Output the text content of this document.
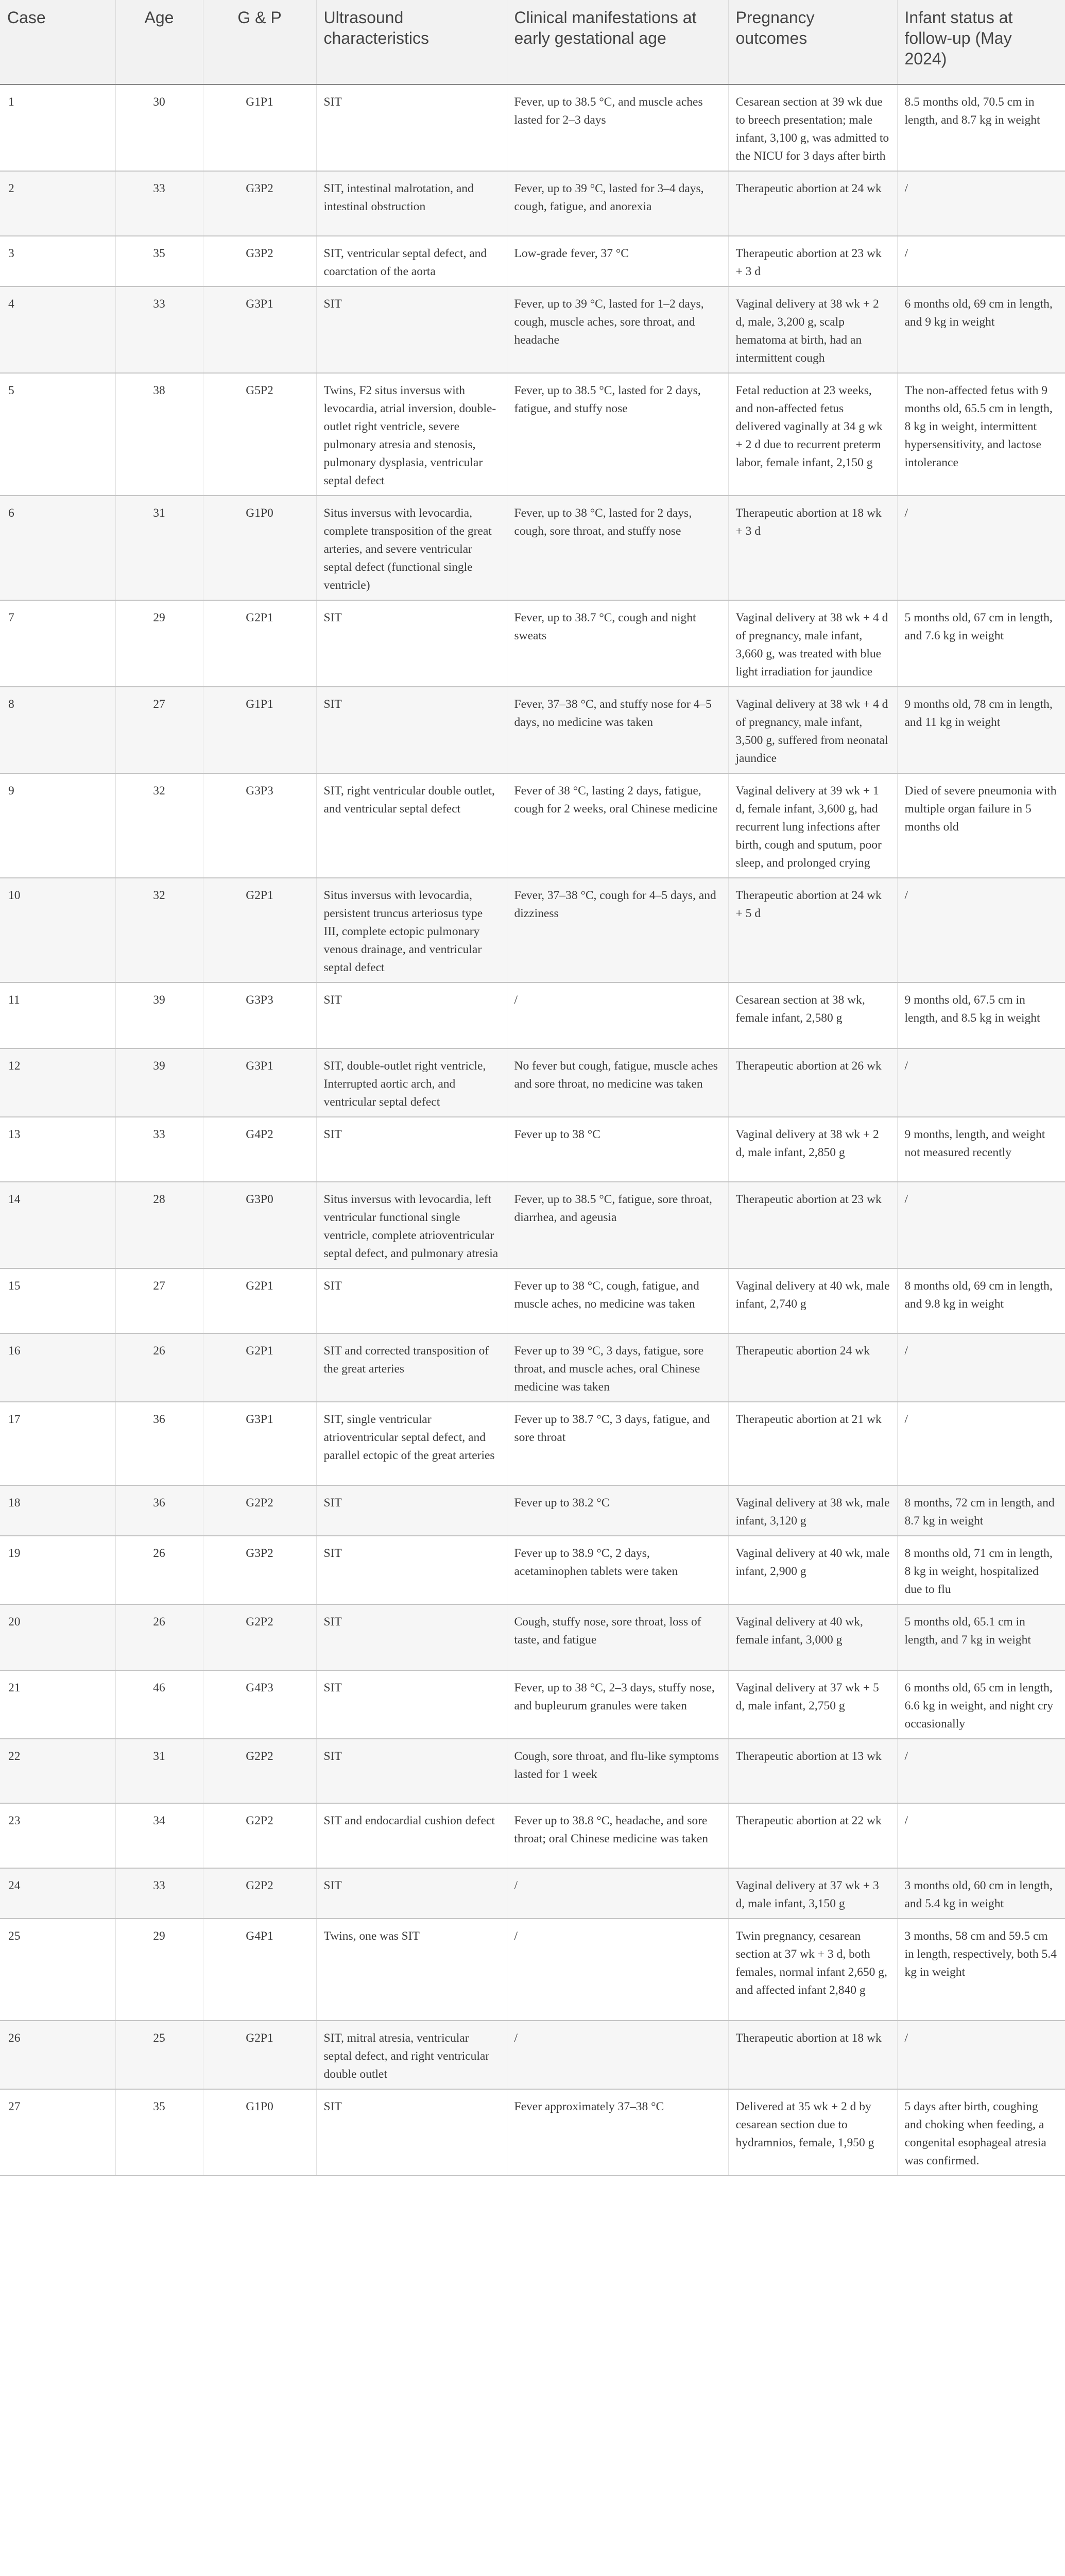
Case	Age	G & P	Ultrasound characteristics	Clinical manifestations at early gestational age	Pregnancy outcomes	Infant status at follow-up (May 2024)
1	30	G1P1	SIT	Fever, up to 38.5 °C, and muscle aches lasted for 2–3 days	Cesarean section at 39 wk due to breech presentation; male infant, 3,100 g, was admitted to the NICU for 3 days after birth	8.5 months old, 70.5 cm in length, and 8.7 kg in weight
2	33	G3P2	SIT, intestinal malrotation, and intestinal obstruction	Fever, up to 39 °C, lasted for 3–4 days, cough, fatigue, and anorexia	Therapeutic abortion at 24 wk	/
3	35	G3P2	SIT, ventricular septal defect, and coarctation of the aorta	Low-grade fever, 37 °C	Therapeutic abortion at 23 wk + 3 d	/
4	33	G3P1	SIT	Fever, up to 39 °C, lasted for 1–2 days, cough, muscle aches, sore throat, and headache	Vaginal delivery at 38 wk + 2 d, male, 3,200 g, scalp hematoma at birth, had an intermittent cough	6 months old, 69 cm in length, and 9 kg in weight
5	38	G5P2	Twins, F2 situs inversus with levocardia, atrial inversion, double-outlet right ventricle, severe pulmonary atresia and stenosis, pulmonary dysplasia, ventricular septal defect	Fever, up to 38.5 °C, lasted for 2 days, fatigue, and stuffy nose	Fetal reduction at 23 weeks, and non-affected fetus delivered vaginally at 34 g wk + 2 d due to recurrent preterm labor, female infant, 2,150 g	The non-affected fetus with 9 months old, 65.5 cm in length, 8 kg in weight, intermittent hypersensitivity, and lactose intolerance
6	31	G1P0	Situs inversus with levocardia, complete transposition of the great arteries, and severe ventricular septal defect (functional single ventricle)	Fever, up to 38 °C, lasted for 2 days, cough, sore throat, and stuffy nose	Therapeutic abortion at 18 wk + 3 d	/
7	29	G2P1	SIT	Fever, up to 38.7 °C, cough and night sweats	Vaginal delivery at 38 wk + 4 d of pregnancy, male infant, 3,660 g, was treated with blue light irradiation for jaundice	5 months old, 67 cm in length, and 7.6 kg in weight
8	27	G1P1	SIT	Fever, 37–38 °C, and stuffy nose for 4–5 days, no medicine was taken	Vaginal delivery at 38 wk + 4 d of pregnancy, male infant, 3,500 g, suffered from neonatal jaundice	9 months old, 78 cm in length, and 11 kg in weight
9	32	G3P3	SIT, right ventricular double outlet, and ventricular septal defect	Fever of 38 °C, lasting 2 days, fatigue, cough for 2 weeks, oral Chinese medicine	Vaginal delivery at 39 wk + 1 d, female infant, 3,600 g, had recurrent lung infections after birth, cough and sputum, poor sleep, and prolonged crying	Died of severe pneumonia with multiple organ failure in 5 months old
10	32	G2P1	Situs inversus with levocardia, persistent truncus arteriosus type III, complete ectopic pulmonary venous drainage, and ventricular septal defect	Fever, 37–38 °C, cough for 4–5 days, and dizziness	Therapeutic abortion at 24 wk + 5 d	/
11	39	G3P3	SIT	/	Cesarean section at 38 wk, female infant, 2,580 g	9 months old, 67.5 cm in length, and 8.5 kg in weight
12	39	G3P1	SIT, double-outlet right ventricle, Interrupted aortic arch, and ventricular septal defect	No fever but cough, fatigue, muscle aches and sore throat, no medicine was taken	Therapeutic abortion at 26 wk	/
13	33	G4P2	SIT	Fever up to 38 °C	Vaginal delivery at 38 wk + 2 d, male infant, 2,850 g	9 months, length, and weight not measured recently
14	28	G3P0	Situs inversus with levocardia, left ventricular functional single ventricle, complete atrioventricular septal defect, and pulmonary atresia	Fever, up to 38.5 °C, fatigue, sore throat, diarrhea, and ageusia	Therapeutic abortion at 23 wk	/
15	27	G2P1	SIT	Fever up to 38 °C, cough, fatigue, and muscle aches, no medicine was taken	Vaginal delivery at 40 wk, male infant, 2,740 g	8 months old, 69 cm in length, and 9.8 kg in weight
16	26	G2P1	SIT and corrected transposition of the great arteries	Fever up to 39 °C, 3 days, fatigue, sore throat, and muscle aches, oral Chinese medicine was taken	Therapeutic abortion 24 wk	/
17	36	G3P1	SIT, single ventricular atrioventricular septal defect, and parallel ectopic of the great arteries	Fever up to 38.7 °C, 3 days, fatigue, and sore throat	Therapeutic abortion at 21 wk	/
18	36	G2P2	SIT	Fever up to 38.2 °C	Vaginal delivery at 38 wk, male infant, 3,120 g	8 months, 72 cm in length, and 8.7 kg in weight
19	26	G3P2	SIT	Fever up to 38.9 °C, 2 days, acetaminophen tablets were taken	Vaginal delivery at 40 wk, male infant, 2,900 g	8 months old, 71 cm in length, 8 kg in weight, hospitalized due to flu
20	26	G2P2	SIT	Cough, stuffy nose, sore throat, loss of taste, and fatigue	Vaginal delivery at 40 wk, female infant, 3,000 g	5 months old, 65.1 cm in length, and 7 kg in weight
21	46	G4P3	SIT	Fever, up to 38 °C, 2–3 days, stuffy nose, and bupleurum granules were taken	Vaginal delivery at 37 wk + 5 d, male infant, 2,750 g	6 months old, 65 cm in length, 6.6 kg in weight, and night cry occasionally
22	31	G2P2	SIT	Cough, sore throat, and flu-like symptoms lasted for 1 week	Therapeutic abortion at 13 wk	/
23	34	G2P2	SIT and endocardial cushion defect	Fever up to 38.8 °C, headache, and sore throat; oral Chinese medicine was taken	Therapeutic abortion at 22 wk	/
24	33	G2P2	SIT	/	Vaginal delivery at 37 wk + 3 d, male infant, 3,150 g	3 months old, 60 cm in length, and 5.4 kg in weight
25	29	G4P1	Twins, one was SIT	/	Twin pregnancy, cesarean section at 37 wk + 3 d, both females, normal infant 2,650 g, and affected infant 2,840 g	3 months, 58 cm and 59.5 cm in length, respectively, both 5.4 kg in weight
26	25	G2P1	SIT, mitral atresia, ventricular septal defect, and right ventricular double outlet	/	Therapeutic abortion at 18 wk	/
27	35	G1P0	SIT	Fever approximately 37–38 °C	Delivered at 35 wk + 2 d by cesarean section due to hydramnios, female, 1,950 g	5 days after birth, coughing and choking when feeding, a congenital esophageal atresia was confirmed.
